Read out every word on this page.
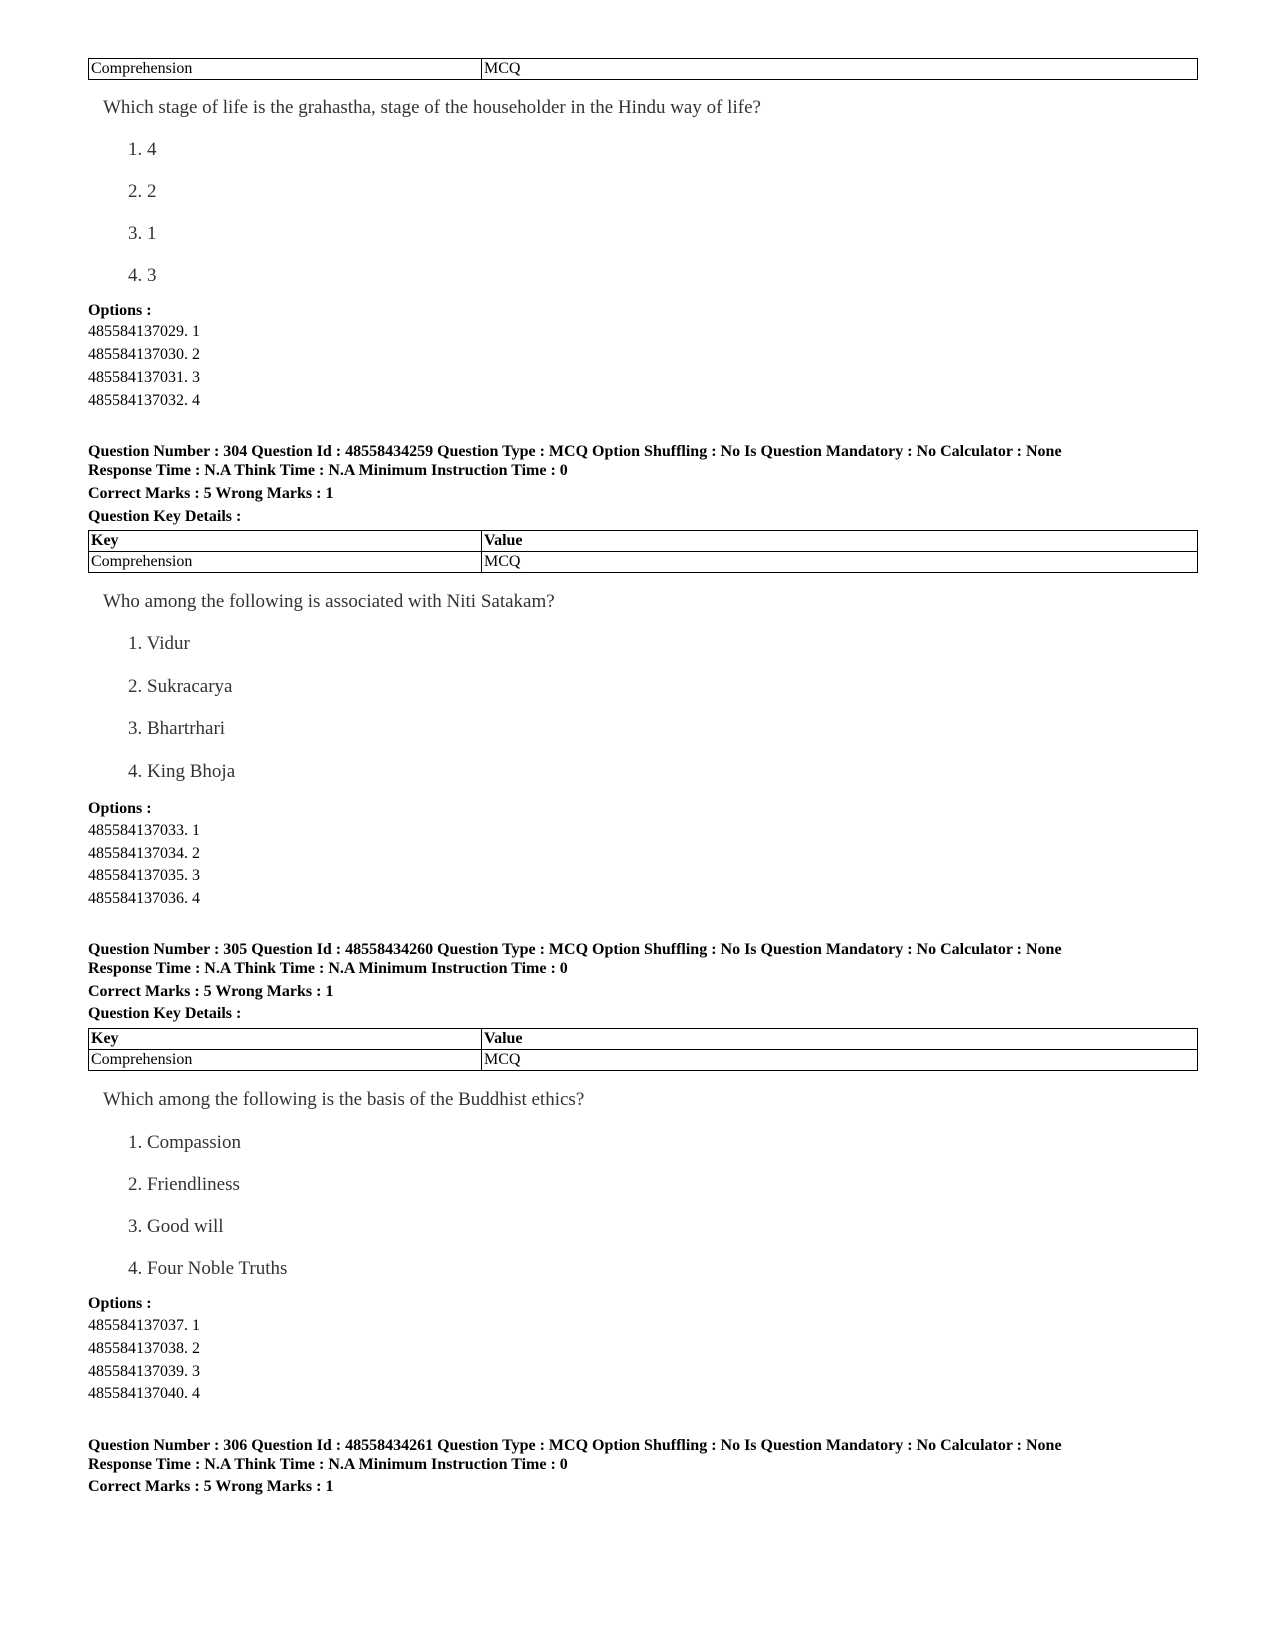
Comprehension	MCQ

Which stage of life is the grahastha, stage of the householder in the Hindu way of life?

1. 4

2. 2

3. 1

4. 3

Options :

485584137029. 1

485584137030. 2

485584137031. 3

485584137032. 4

Question Number : 304 Question Id : 48558434259 Question Type : MCQ Option Shuffling : No Is Question Mandatory : No Calculator : None

Response Time : N.A Think Time : N.A Minimum Instruction Time : 0

Correct Marks : 5 Wrong Marks : 1

Question Key Details :

Key	Value
Comprehension	MCQ

Who among the following is associated with Niti Satakam?

1. Vidur

2. Sukracarya

3. Bhartrhari

4. King Bhoja

Options :

485584137033. 1

485584137034. 2

485584137035. 3

485584137036. 4

Question Number : 305 Question Id : 48558434260 Question Type : MCQ Option Shuffling : No Is Question Mandatory : No Calculator : None

Response Time : N.A Think Time : N.A Minimum Instruction Time : 0

Correct Marks : 5 Wrong Marks : 1

Question Key Details :

Key	Value
Comprehension	MCQ

Which among the following is the basis of the Buddhist ethics?

1. Compassion

2. Friendliness

3. Good will

4. Four Noble Truths

Options :

485584137037. 1

485584137038. 2

485584137039. 3

485584137040. 4

Question Number : 306 Question Id : 48558434261 Question Type : MCQ Option Shuffling : No Is Question Mandatory : No Calculator : None

Response Time : N.A Think Time : N.A Minimum Instruction Time : 0

Correct Marks : 5 Wrong Marks : 1
